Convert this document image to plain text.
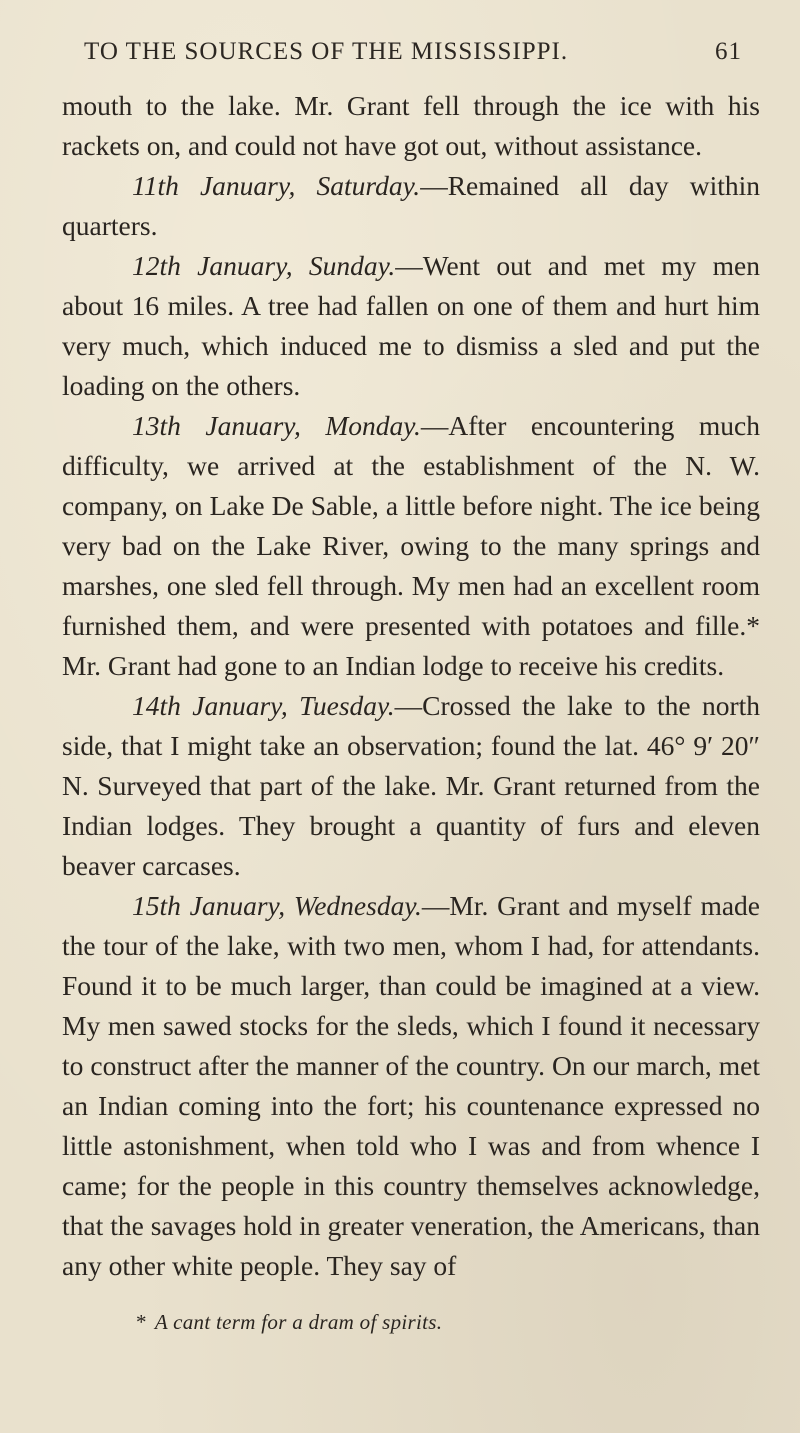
TO THE SOURCES OF THE MISSISSIPPI.	61

mouth to the lake. Mr. Grant fell through the ice with his rackets on, and could not have got out, without assistance.

11th January, Saturday.—Remained all day within quarters.

12th January, Sunday.—Went out and met my men about 16 miles. A tree had fallen on one of them and hurt him very much, which induced me to dismiss a sled and put the loading on the others.

13th January, Monday.—After encountering much difficulty, we arrived at the establishment of the N. W. company, on Lake De Sable, a little before night. The ice being very bad on the Lake River, owing to the many springs and marshes, one sled fell through. My men had an excellent room furnished them, and were presented with potatoes and fille.* Mr. Grant had gone to an Indian lodge to receive his credits.

14th January, Tuesday.—Crossed the lake to the north side, that I might take an observation; found the lat. 46° 9′ 20″ N. Surveyed that part of the lake. Mr. Grant returned from the Indian lodges. They brought a quantity of furs and eleven beaver carcases.

15th January, Wednesday.—Mr. Grant and myself made the tour of the lake, with two men, whom I had, for attendants. Found it to be much larger, than could be imagined at a view. My men sawed stocks for the sleds, which I found it necessary to construct after the manner of the country. On our march, met an Indian coming into the fort; his countenance expressed no little astonishment, when told who I was and from whence I came; for the people in this country themselves acknowledge, that the savages hold in greater veneration, the Americans, than any other white people. They say of

* A cant term for a dram of spirits.
